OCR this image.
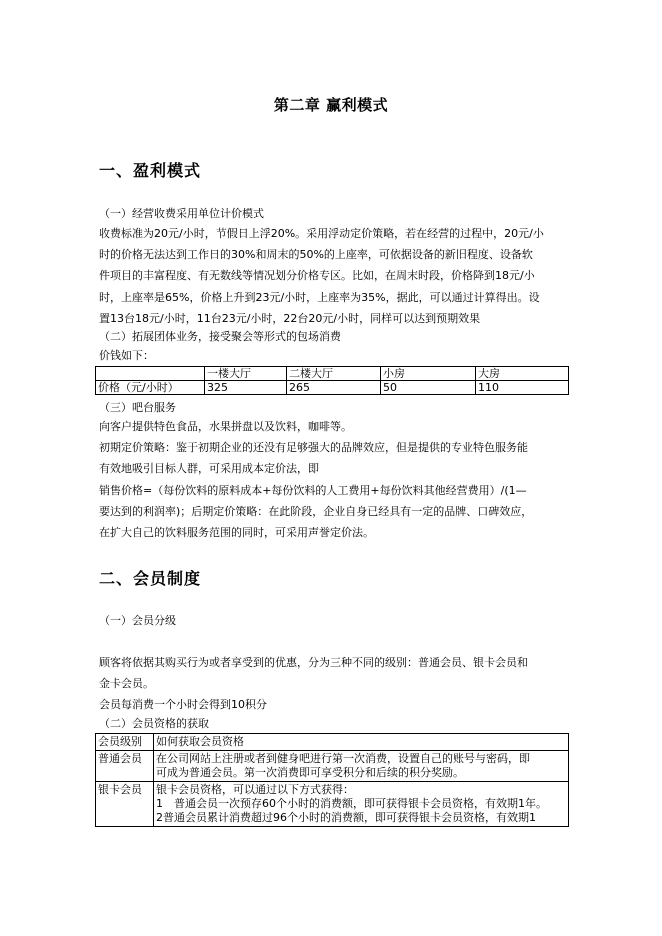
第二章 赢利模式
一、盈利模式
（一）经营收费采用单位计价模式
收费标准为20元/小时，节假日上浮20%。采用浮动定价策略，若在经营的过程中，20元/小
时的价格无法达到工作日的30%和周末的50%的上座率，可依据设备的新旧程度、设备软
件项目的丰富程度、有无数线等情况划分价格专区。比如，在周末时段，价格降到18元/小
时，上座率是65%，价格上升到23元/小时，上座率为35%，据此，可以通过计算得出。设
置13台18元/小时，11台23元/小时，22台20元/小时，同样可以达到预期效果
（二）拓展团体业务，接受聚会等形式的包场消费
价钱如下：
	一楼大厅	二楼大厅	小房	大房
价格（元/小时）	325	265	50	110
（三）吧台服务
向客户提供特色食品，水果拼盘以及饮料，咖啡等。
初期定价策略：鉴于初期企业的还没有足够强大的品牌效应，但是提供的专业特色服务能
有效地吸引目标人群，可采用成本定价法，即
销售价格=（每份饮料的原料成本+每份饮料的人工费用+每份饮料其他经营费用）/(1—
要达到的利润率)；后期定价策略：在此阶段，企业自身已经具有一定的品牌、口碑效应，
在扩大自己的饮料服务范围的同时，可采用声誉定价法。
二、会员制度
（一）会员分级
顾客将依据其购买行为或者享受到的优惠，分为三种不同的级别：普通会员、银卡会员和
金卡会员。
会员每消费一个小时会得到10积分
（二）会员资格的获取
会员级别	如何获取会员资格
普通会员	在公司网站上注册或者到健身吧进行第一次消费，设置自己的账号与密码，即
可成为普通会员。第一次消费即可享受积分和后续的积分奖励。

银卡会员	银卡会员资格，可以通过以下方式获得：
1　普通会员一次预存60个小时的消费额，即可获得银卡会员资格，有效期1年。
2普通会员累计消费超过96个小时的消费额，即可获得银卡会员资格，有效期1
